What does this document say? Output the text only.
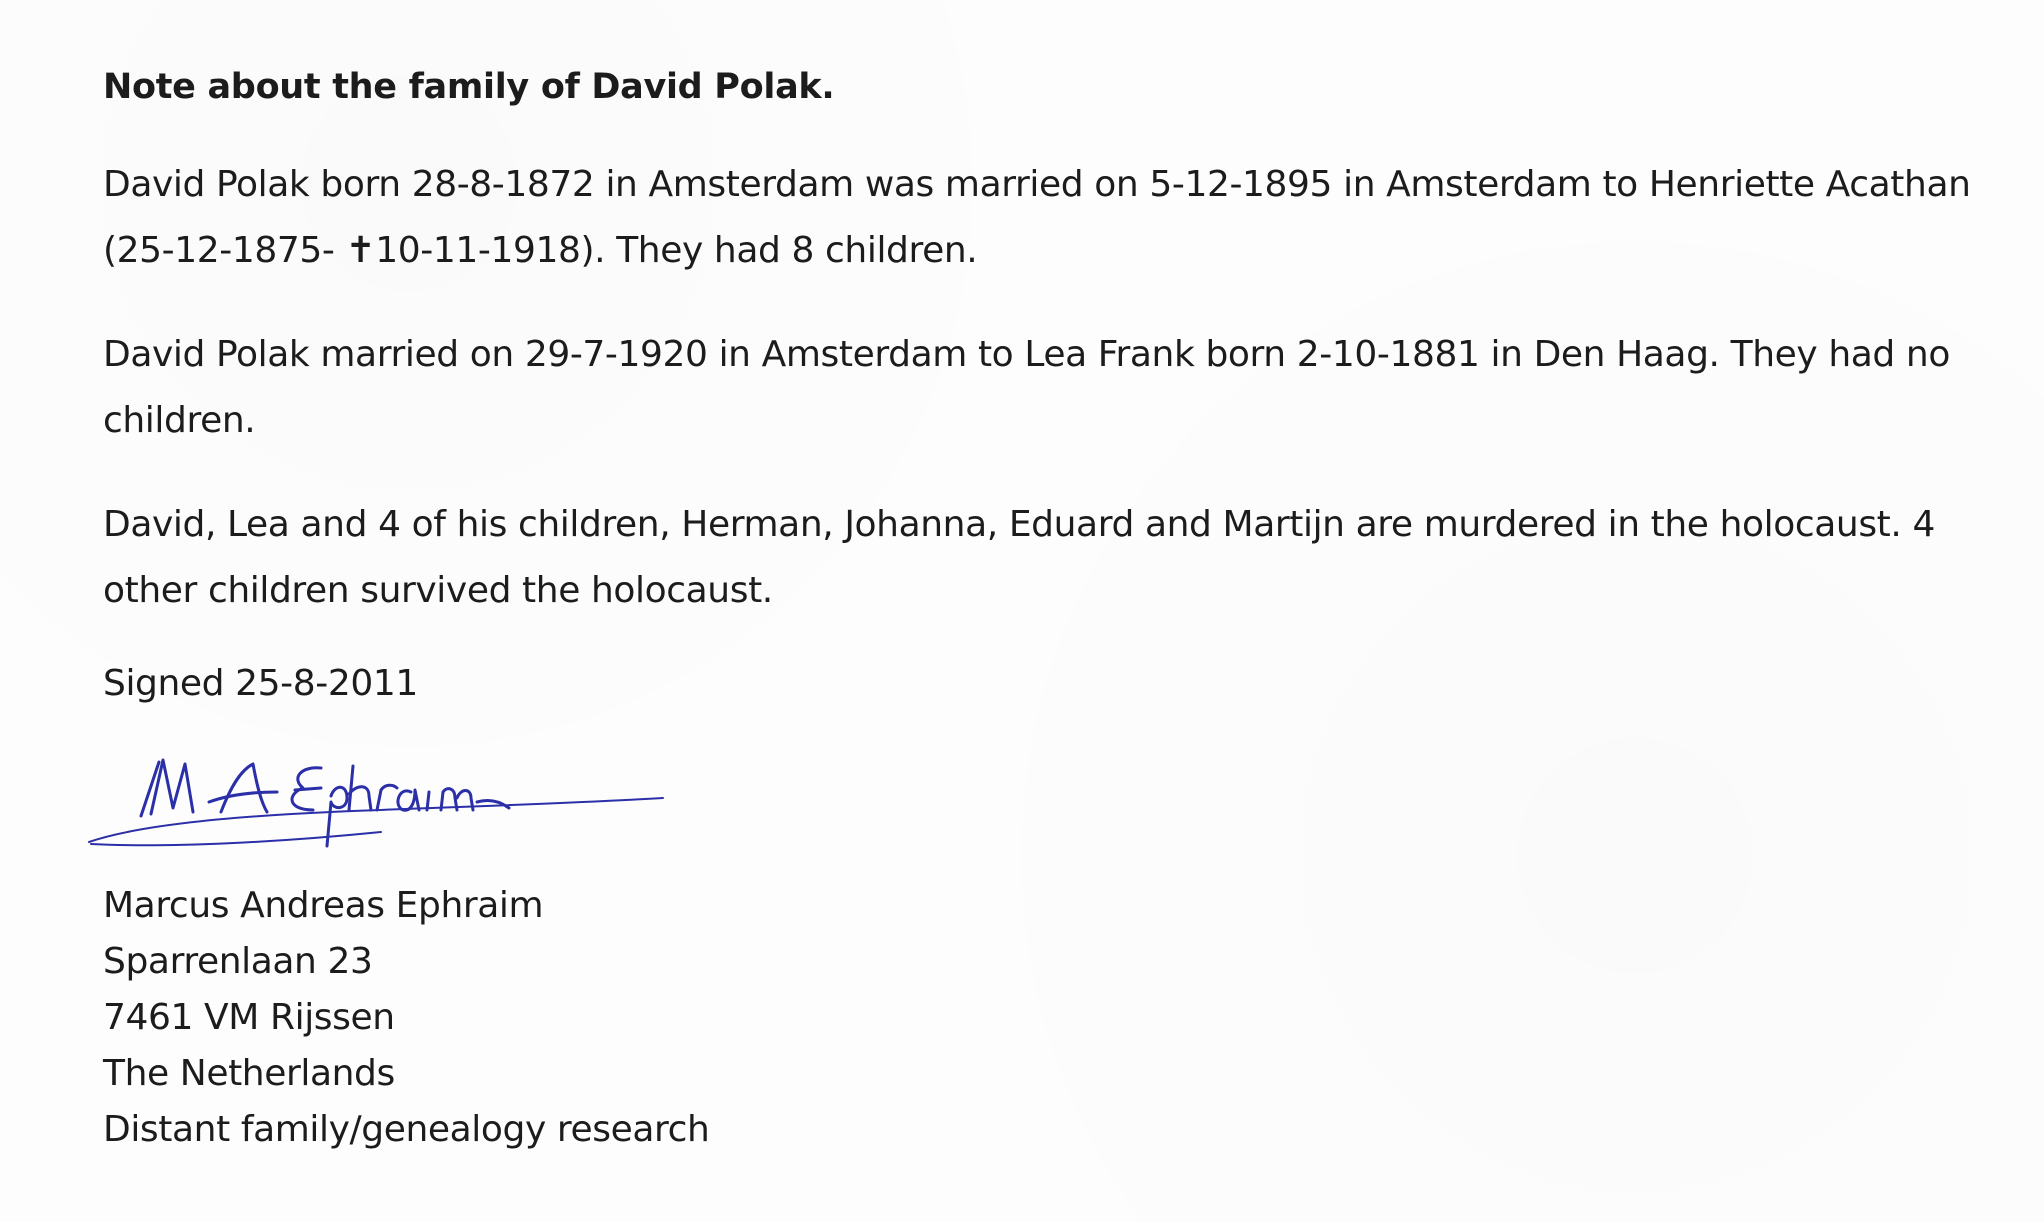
Note about the family of David Polak.

David Polak born 28-8-1872 in Amsterdam was married on 5-12-1895 in Amsterdam to Henriette Acathan (25-12-1875- ✝10-11-1918). They had 8 children.

David Polak married on 29-7-1920 in Amsterdam to Lea Frank born 2-10-1881 in Den Haag. They had no children.

David, Lea and 4 of his children, Herman, Johanna, Eduard and Martijn are murdered in the holocaust. 4 other children survived the holocaust.

Signed 25-8-2011
Marcus Andreas Ephraim
Sparrenlaan 23
7461 VM Rijssen
The Netherlands
Distant family/genealogy research
